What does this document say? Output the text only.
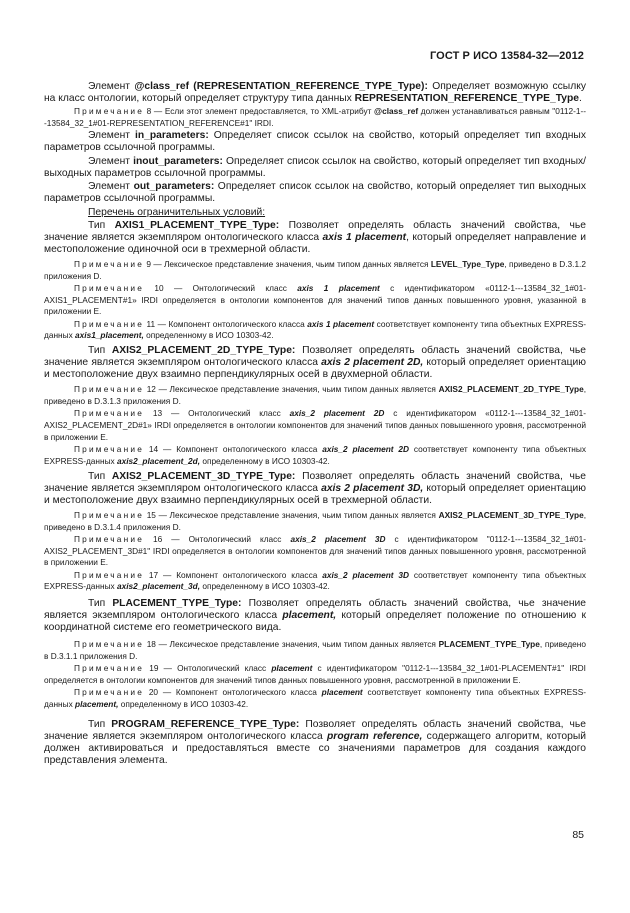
ГОСТ Р ИСО 13584-32—2012

Элемент @class_ref (REPRESENTATION_REFERENCE_TYPE_Type): Определяет возможную ссылку на класс онтологии, который определяет структуру типа данных REPRESENTATION_REFERENCE_TYPE_Type.

Примечание 8 — Если этот элемент предоставляется, то XML-атрибут @class_ref должен устанавливаться равным "0112-1---13584_32_1#01-REPRESENTATION_REFERENCE#1" IRDI.

Элемент in_parameters: Определяет список ссылок на свойство, который определяет тип входных параметров ссылочной программы.

Элемент inout_parameters: Определяет список ссылок на свойство, который определяет тип входных/выходных параметров ссылочной программы.

Элемент out_parameters: Определяет список ссылок на свойство, который определяет тип выходных параметров ссылочной программы.

Перечень ограничительных условий:

Тип AXIS1_PLACEMENT_TYPE_Type: Позволяет определять область значений свойства, чье значение является экземпляром онтологического класса axis 1 placement, который определяет направление и местоположение одиночной оси в трехмерной области.

Примечание 9 — Лексическое представление значения, чьим типом данных является LEVEL_Type_Type, приведено в D.3.1.2 приложения D.

Примечание 10 — Онтологический класс axis 1 placement с идентификатором «0112-1---13584_32_1#01-AXIS1_PLACEMENT#1» IRDI определяется в онтологии компонентов для значений типов данных повышенного уровня, указанной в приложении E.

Примечание 11 — Компонент онтологического класса axis 1 placement соответствует компоненту типа объектных EXPRESS-данных axis1_placement, определенному в ИСО 10303-42.

Тип AXIS2_PLACEMENT_2D_TYPE_Type: Позволяет определять область значений свойства, чье значение является экземпляром онтологического класса axis 2 placement 2D, который определяет ориентацию и местоположение двух взаимно перпендикулярных осей в двухмерной области.

Примечание 12 — Лексическое представление значения, чьим типом данных является AXIS2_PLACEMENT_2D_TYPE_Type, приведено в D.3.1.3 приложения D.

Примечание 13 — Онтологический класс axis_2 placement 2D с идентификатором «0112-1---13584_32_1#01-AXIS2_PLACEMENT_2D#1» IRDI определяется в онтологии компонентов для значений типов данных повышенного уровня, рассмотренной в приложении E.

Примечание 14 — Компонент онтологического класса axis_2 placement 2D соответствует компоненту типа объектных EXPRESS-данных axis2_placement_2d, определенному в ИСО 10303-42.

Тип AXIS2_PLACEMENT_3D_TYPE_Type: Позволяет определять область значений свойства, чье значение является экземпляром онтологического класса axis 2 placement 3D, который определяет ориентацию и местоположение двух взаимно перпендикулярных осей в трехмерной области.

Примечание 15 — Лексическое представление значения, чьим типом данных является AXIS2_PLACEMENT_3D_TYPE_Type, приведено в D.3.1.4 приложения D.

Примечание 16 — Онтологический класс axis_2 placement 3D с идентификатором "0112-1---13584_32_1#01-AXIS2_PLACEMENT_3D#1" IRDI определяется в онтологии компонентов для значений типов данных повышенного уровня, рассмотренной в приложении E.

Примечание 17 — Компонент онтологического класса axis_2 placement 3D соответствует компоненту типа объектных EXPRESS-данных axis2_placement_3d, определенному в ИСО 10303-42.

Тип PLACEMENT_TYPE_Type: Позволяет определять область значений свойства, чье значение является экземпляром онтологического класса placement, который определяет положение по отношению к координатной системе его геометрического вида.

Примечание 18 — Лексическое представление значения, чьим типом данных является PLACEMENT_TYPE_Type, приведено в D.3.1.1 приложения D.

Примечание 19 — Онтологический класс placement с идентификатором "0112-1---13584_32_1#01-PLACEMENT#1" IRDI определяется в онтологии компонентов для значений типов данных повышенного уровня, рассмотренной в приложении E.

Примечание 20 — Компонент онтологического класса placement соответствует компоненту типа объектных EXPRESS-данных placement, определенному в ИСО 10303-42.

Тип PROGRAM_REFERENCE_TYPE_Type: Позволяет определять область значений свойства, чье значение является экземпляром онтологического класса program reference, содержащего алгоритм, который должен активироваться и предоставляться вместе со значениями параметров для создания каждого представления элемента.

85
